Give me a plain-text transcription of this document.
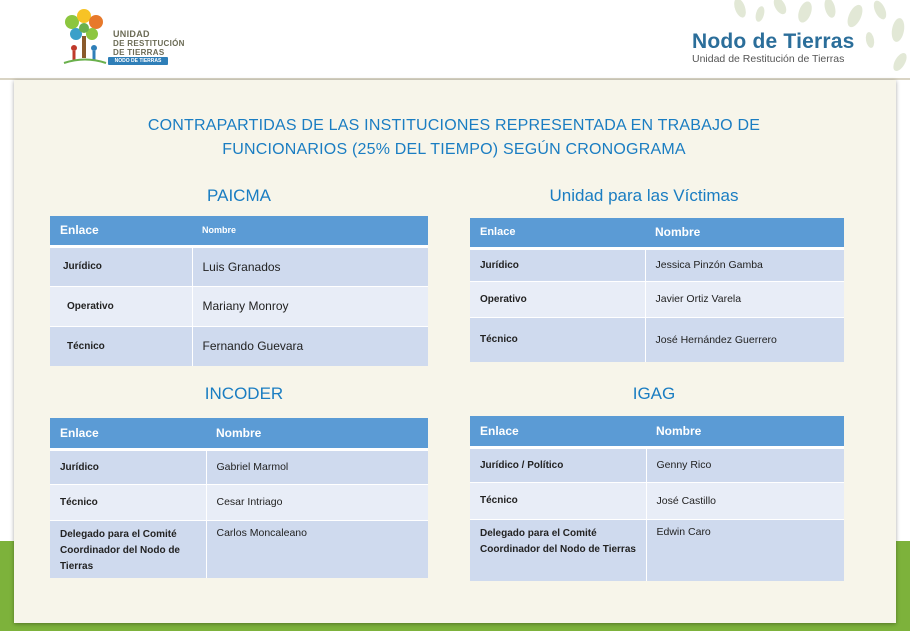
UNIDAD
DE RESTITUCIÓN
DE TIERRAS
NODO DE TIERRAS
Nodo de Tierras
Unidad de Restitución de Tierras
CONTRAPARTIDAS DE LAS INSTITUCIONES REPRESENTADA EN TRABAJO DE
FUNCIONARIOS (25% DEL TIEMPO) SEGÚN CRONOGRAMA
PAICMA
Enlace	Nombre
Jurídico	Luis Granados
Operativo	Mariany Monroy
Técnico	Fernando Guevara
Unidad para las Víctimas
Enlace	Nombre
Jurídico	Jessica Pinzón Gamba
Operativo	Javier Ortiz Varela
Técnico	José Hernández Guerrero
INCODER
Enlace	Nombre
Jurídico	Gabriel Marmol
Técnico	Cesar Intriago
Delegado para el Comité Coordinador del Nodo de Tierras	Carlos Moncaleano
IGAG
Enlace	Nombre
Jurídico / Político	Genny Rico
Técnico	José Castillo
Delegado para el Comité Coordinador del Nodo de Tierras	Edwin Caro
